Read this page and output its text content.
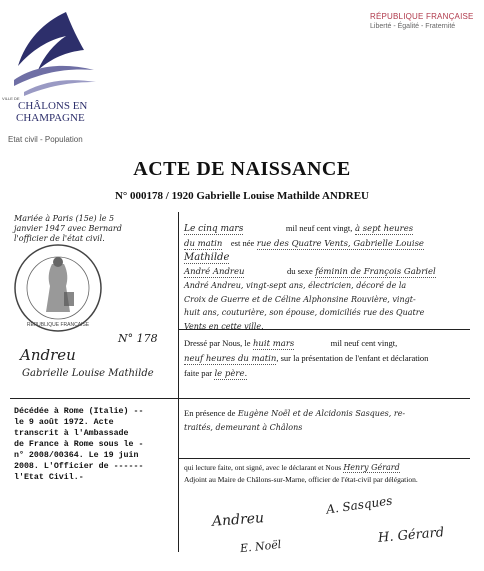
VILLE DE
CHÂLONS EN
CHAMPAGNE
Etat civil - Population
RÉPUBLIQUE FRANÇAISE
Liberté - Égalité - Fraternité
ACTE DE NAISSANCE
N° 000178 / 1920 Gabrielle Louise Mathilde ANDREU
Mariée à Paris (15e) le 5
janvier 1947 avec Bernard
l'officier de l'état civil.
RÉPUBLIQUE FRANÇAISE
N° 178
Andreu
Gabrielle Louise Mathilde
Décédée à Rome (Italie) --
le 9 août 1972. Acte
transcrit à l'Ambassade
de France à Rome sous le -
n° 2008/00364. Le 19 juin
2008. L'Officier de ------
l'Etat Civil.-
Le cinq mars	mil neuf cent vingt, à sept heures
du matin est née rue des Quatre Vents, Gabrielle Louise
Mathilde
André Andreu	du sexe féminin de François Gabriel
André Andreu, vingt-sept ans, électricien, décoré de la
Croix de Guerre et de Céline Alphonsine Rouvière, vingt-
huit ans, couturière, son épouse, domiciliés rue des Quatre
Vents en cette ville.
Dressé par Nous, le huit mars	mil neuf cent vingt,
neuf heures du matin, sur la présentation de l'enfant et déclaration
faite par le père.
En présence de Eugène Noël et de Alcidonis Sasques, re-
traités, demeurant à Châlons
qui lecture faite, ont signé, avec le déclarant et Nous Henry Gérard
Adjoint au Maire de Châlons-sur-Marne, officier de l'état-civil par délégation.
A. Sasques
Andreu
E. Noël
H. Gérard
